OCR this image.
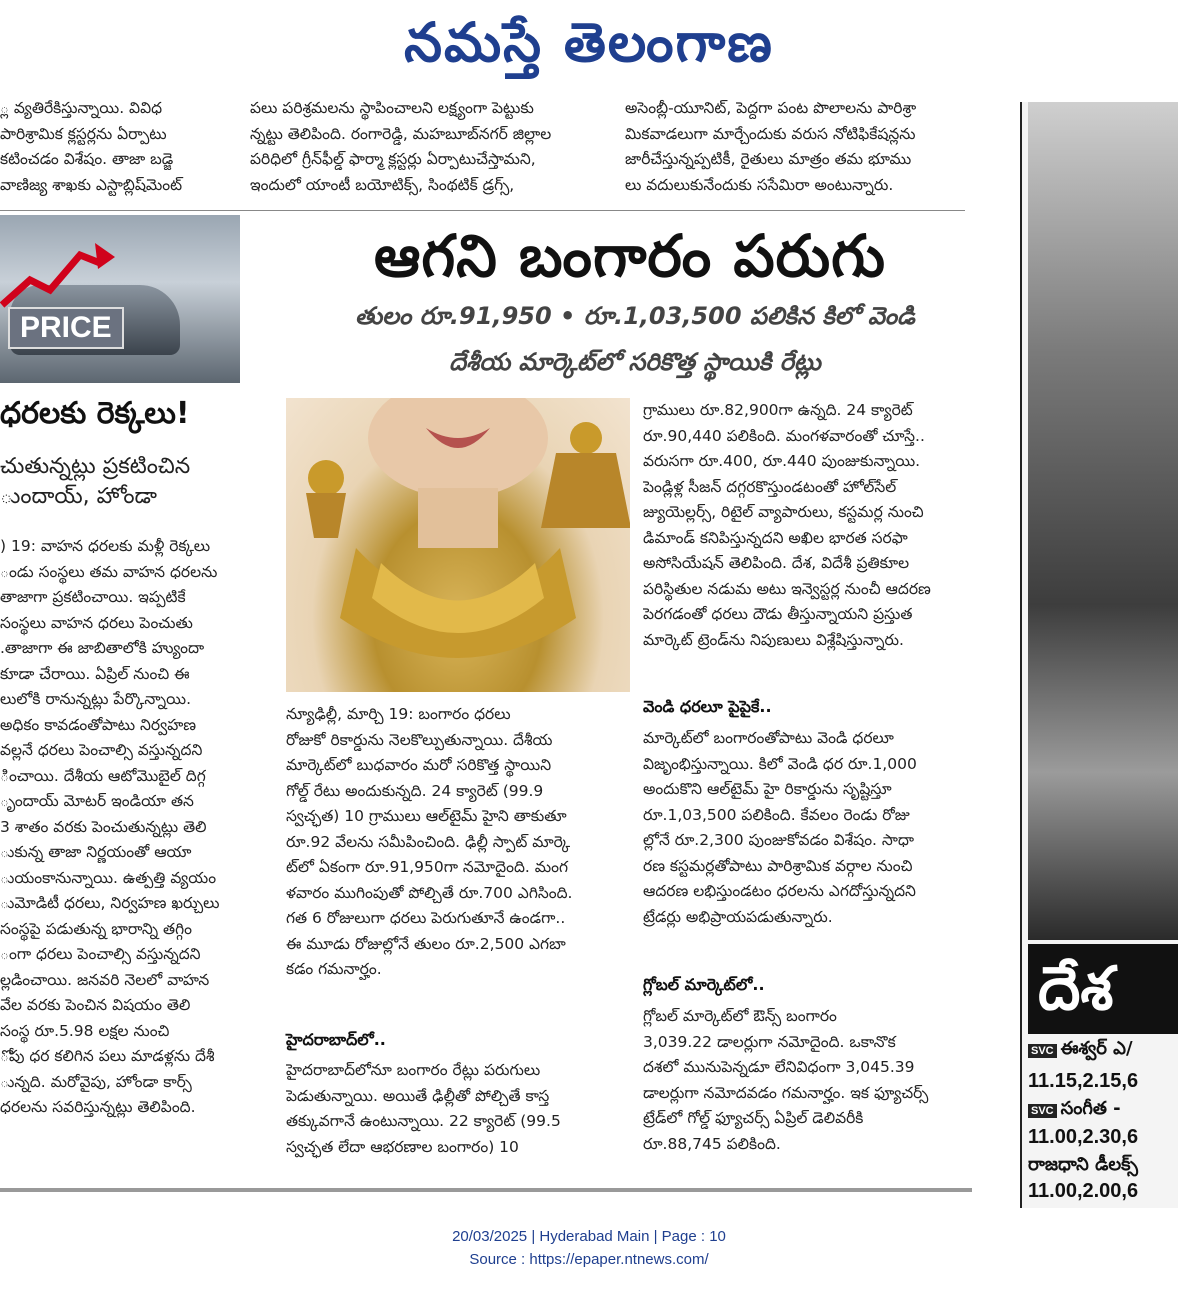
నమస్తే తెలంగాణ
్ల వ్యతిరేకిస్తున్నాయి. వివిధ
పారిశ్రామిక క్లస్టర్లను ఏర్పాటు
కటించడం విశేషం. తాజా బడ్జె
వాణిజ్య శాఖకు ఎస్టాబ్లిష్‌మెంట్
పలు పరిశ్రమలను స్థాపించాలని లక్ష్యంగా పెట్టుకు
న్నట్టు తెలిపింది. రంగారెడ్డి, మహబూబ్‌నగర్ జిల్లాల
పరిధిలో గ్రీన్‌ఫీల్డ్ ఫార్మా క్లస్టర్లు ఏర్పాటుచేస్తామని,
ఇందులో యాంటీ బయోటిక్స్, సింథటిక్ డ్రగ్స్,
అసెంబ్లీ-యూనిట్, పెద్దగా పంట పొలాలను పారిశ్రా
మికవాడలుగా మార్చేందుకు వరుస నోటిఫికేషన్లను
జారీచేస్తున్నప్పటికీ, రైతులు మాత్రం తమ భూము
లు వదులుకునేందుకు ససేమిరా అంటున్నారు.
PRICE
ధరలకు రెక్కలు!
చుతున్నట్లు ప్రకటించిన
ుందాయ్, హోండా
) 19: వాహన ధరలకు మళ్లీ రెక్కలు
ండు సంస్థలు తమ వాహన ధరలను
తాజాగా ప్రకటించాయి. ఇప్పటికే
సంస్థలు వాహన ధరలు పెంచుతు
.తాజాగా ఈ జాబితాలోకి హ్యుందా
కూడా చేరాయి. ఏప్రిల్ నుంచి ఈ
లులోకి రానున్నట్లు పేర్కొన్నాయి.
అధికం కావడంతోపాటు నిర్వహణ
వల్లనే ధరలు పెంచాల్సి వస్తున్నదని
ించాయి. దేశీయ ఆటోమొబైల్ దిగ్గ
ృందాయ్ మోటర్ ఇండియా తన
3 శాతం వరకు పెంచుతున్నట్లు తెలి
ుకున్న తాజా నిర్ణయంతో ఆయా
ుయంకానున్నాయి. ఉత్పత్తి వ్యయం
ుమోడిటీ ధరలు, నిర్వహణ ఖర్చులు
సంస్థపై పడుతున్న భారాన్ని తగ్గిం
ంగా ధరలు పెంచాల్సి వస్తున్నదని
ల్లడించాయి. జనవరి నెలలో వాహన
వేల వరకు పెంచిన విషయం తెలి
సంస్థ రూ.5.98 లక్షల నుంచి
ోపు ధర కలిగిన పలు మాడళ్లను దేశీ
ున్నది. మరోవైపు, హోండా కార్స్
ధరలను సవరిస్తున్నట్లు తెలిపింది.
ఆగని బంగారం పరుగు
తులం రూ.91,950 • రూ.1,03,500 పలికిన కిలో వెండి
దేశీయ మార్కెట్‌లో సరికొత్త స్థాయికి రేట్లు
న్యూఢిల్లీ, మార్చి 19: బంగారం ధరలు
రోజుకో రికార్డును నెలకొల్పుతున్నాయి. దేశీయ
మార్కెట్‌లో బుధవారం మరో సరికొత్త స్థాయిని
గోల్డ్ రేటు అందుకున్నది. 24 క్యారెట్ (99.9
స్వచ్ఛత) 10 గ్రాములు ఆల్‌టైమ్ హైని తాకుతూ
రూ.92 వేలను సమీపించింది. ఢిల్లీ స్పాట్ మార్కె
ట్‌లో ఏకంగా రూ.91,950గా నమోదైంది. మంగ
ళవారం ముగింపుతో పోల్చితే రూ.700 ఎగిసింది.
గత 6 రోజులుగా ధరలు పెరుగుతూనే ఉండగా..
ఈ మూడు రోజుల్లోనే తులం రూ.2,500 ఎగబా
కడం గమనార్హం.
హైదరాబాద్‌లో..
హైదరాబాద్‌లోనూ బంగారం రేట్లు పరుగులు
పెడుతున్నాయి. అయితే ఢిల్లీతో పోల్చితే కాస్త
తక్కువగానే ఉంటున్నాయి. 22 క్యారెట్ (99.5
స్వచ్ఛత లేదా ఆభరణాల బంగారం) 10
గ్రాములు రూ.82,900గా ఉన్నది. 24 క్యారెట్
రూ.90,440 పలికింది. మంగళవారంతో చూస్తే..
వరుసగా రూ.400, రూ.440 పుంజుకున్నాయి.
పెండ్లిళ్ల సీజన్ దగ్గరకొస్తుండటంతో హోల్‌సేల్
జ్యుయెల్లర్స్, రిటైల్ వ్యాపారులు, కస్టమర్ల నుంచి
డిమాండ్ కనిపిస్తున్నదని అఖిల భారత సరఫా
అసోసియేషన్ తెలిపింది. దేశ, విదేశీ ప్రతికూల
పరిస్థితుల నడుమ అటు ఇన్వెస్టర్ల నుంచీ ఆదరణ
పెరగడంతో ధరలు దౌడు తీస్తున్నాయని ప్రస్తుత
మార్కెట్ ట్రెండ్‌ను నిపుణులు విశ్లేషిస్తున్నారు.
వెండి ధరలూ పైపైకే..
మార్కెట్‌లో బంగారంతోపాటు వెండి ధరలూ
విజృంభిస్తున్నాయి. కిలో వెండి ధర రూ.1,000
అందుకొని ఆల్‌టైమ్ హై రికార్డును సృష్టిస్తూ
రూ.1,03,500 పలికింది. కేవలం రెండు రోజు
ల్లోనే రూ.2,300 పుంజుకోవడం విశేషం. సాధా
రణ కస్టమర్లతోపాటు పారిశ్రామిక వర్గాల నుంచి
ఆదరణ లభిస్తుండటం ధరలను ఎగదోస్తున్నదని
ట్రేడర్లు అభిప్రాయపడుతున్నారు.
గ్లోబల్ మార్కెట్‌లో..
గ్లోబల్ మార్కెట్‌లో ఔన్స్ బంగారం
3,039.22 డాలర్లుగా నమోదైంది. ఒకానొక
దశలో మునుపెన్నడూ లేనివిధంగా 3,045.39
డాలర్లుగా నమోదవడం గమనార్హం. ఇక ఫ్యూచర్స్
ట్రేడ్‌లో గోల్డ్ ఫ్యూచర్స్ ఏప్రిల్ డెలివరీకి
రూ.88,745 పలికింది.
దేశ
SVC ఈశ్వర్ ఎ/
11.15,2.15,6
SVC సంగీత -
11.00,2.30,6
రాజధాని డీలక్స్
11.00,2.00,6
20/03/2025 | Hyderabad Main | Page : 10
Source : https://epaper.ntnews.com/
